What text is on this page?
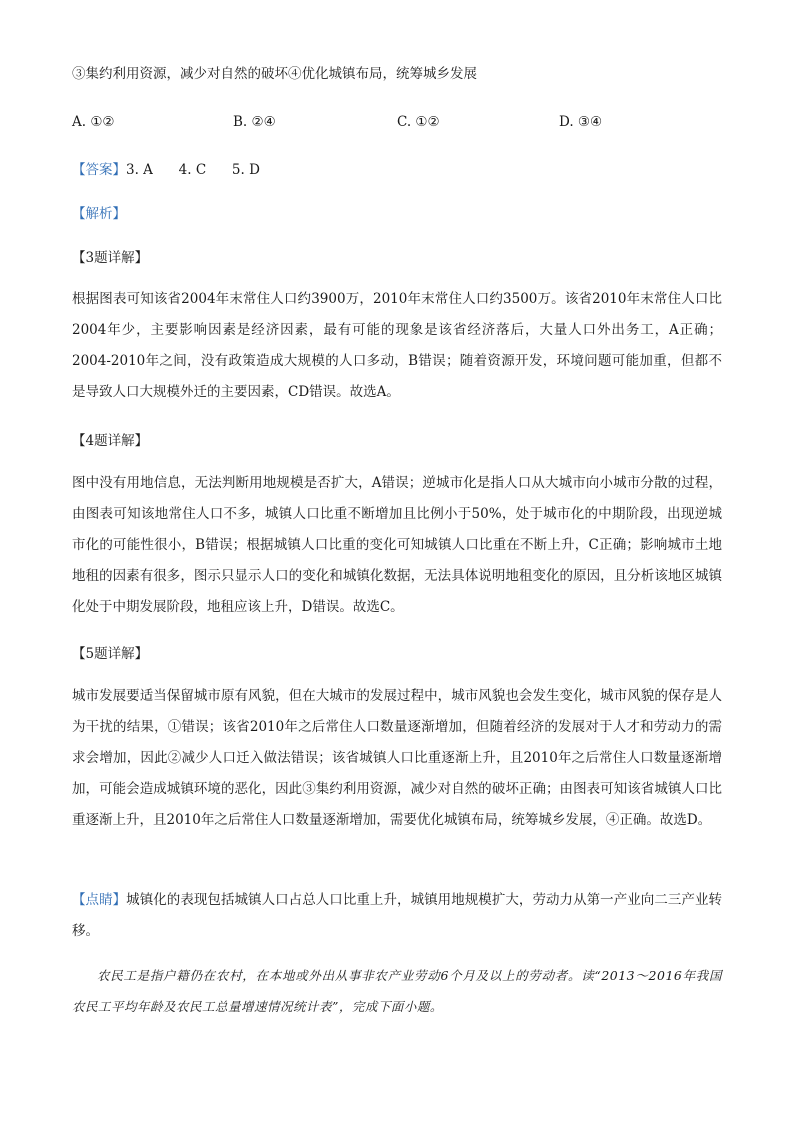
③集约利用资源，减少对自然的破坏④优化城镇布局，统筹城乡发展
A. ①②	B. ②④	C. ①②	D. ③④
【答案】3. A      4. C      5. D
【解析】
【3题详解】
根据图表可知该省2004年末常住人口约3900万，2010年末常住人口约3500万。该省2010年末常住人口比2004年少，主要影响因素是经济因素，最有可能的现象是该省经济落后，大量人口外出务工，A正确；2004-2010年之间，没有政策造成大规模的人口多动，B错误；随着资源开发，环境问题可能加重，但都不是导致人口大规模外迁的主要因素，CD错误。故选A。
【4题详解】
图中没有用地信息，无法判断用地规模是否扩大，A错误；逆城市化是指人口从大城市向小城市分散的过程，由图表可知该地常住人口不多，城镇人口比重不断增加且比例小于50%，处于城市化的中期阶段，出现逆城市化的可能性很小，B错误；根据城镇人口比重的变化可知城镇人口比重在不断上升，C正确；影响城市土地地租的因素有很多，图示只显示人口的变化和城镇化数据，无法具体说明地租变化的原因，且分析该地区城镇化处于中期发展阶段，地租应该上升，D错误。故选C。
【5题详解】
城市发展要适当保留城市原有风貌，但在大城市的发展过程中，城市风貌也会发生变化，城市风貌的保存是人为干扰的结果，①错误；该省2010年之后常住人口数量逐渐增加，但随着经济的发展对于人才和劳动力的需求会增加，因此②减少人口迁入做法错误；该省城镇人口比重逐渐上升，且2010年之后常住人口数量逐渐增加，可能会造成城镇环境的恶化，因此③集约利用资源，减少对自然的破坏正确；由图表可知该省城镇人口比重逐渐上升，且2010年之后常住人口数量逐渐增加，需要优化城镇布局，统筹城乡发展，④正确。故选D。
【点睛】城镇化的表现包括城镇人口占总人口比重上升，城镇用地规模扩大，劳动力从第一产业向二三产业转移。
农民工是指户籍仍在农村，在本地或外出从事非农产业劳动6个月及以上的劳动者。读“2013～2016年我国农民工平均年龄及农民工总量增速情况统计表”，完成下面小题。
